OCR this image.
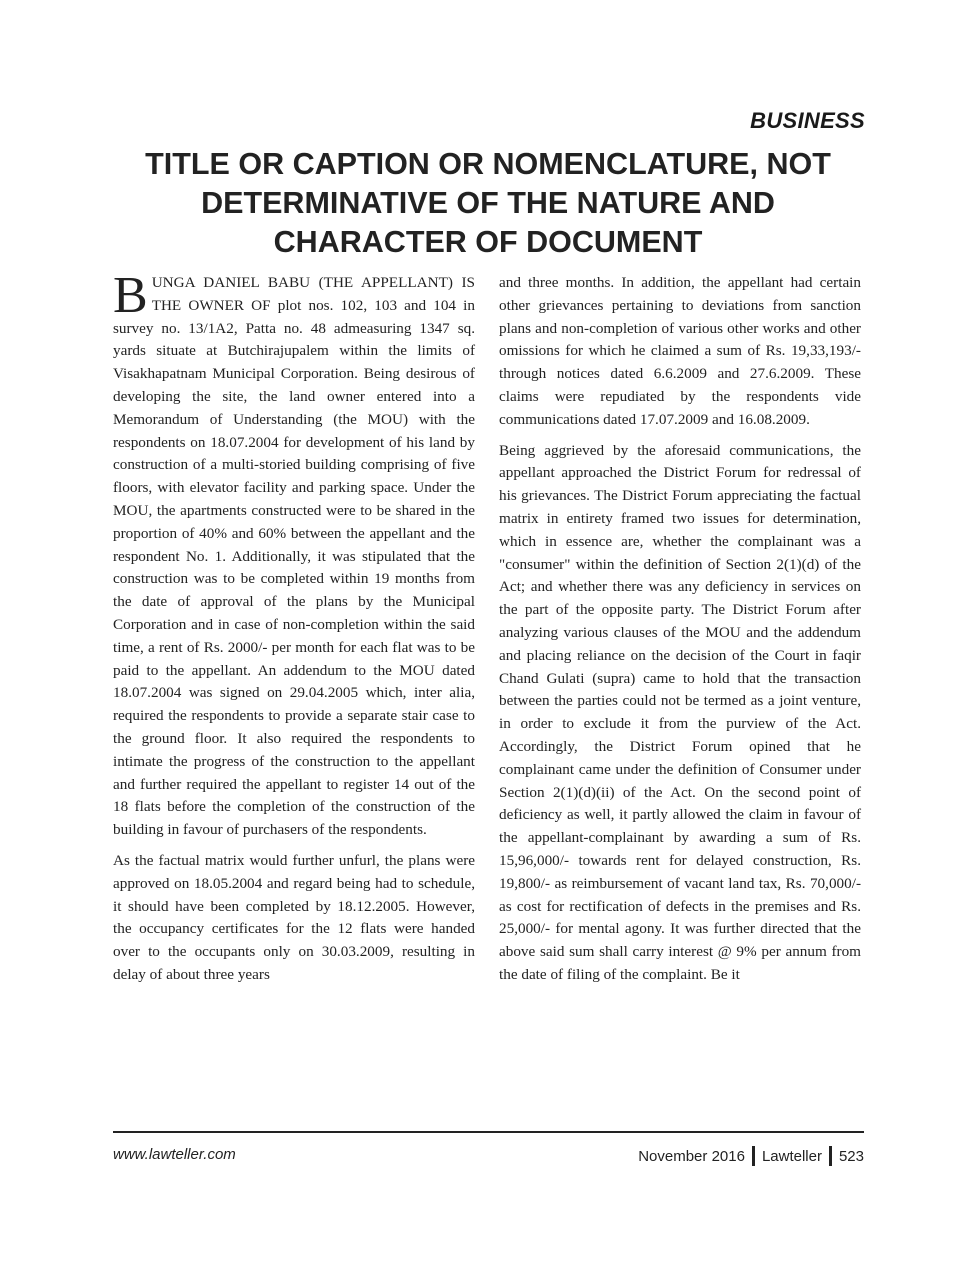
BUSINESS
TITLE OR CAPTION OR NOMENCLATURE, NOT
DETERMINATIVE OF THE NATURE AND
CHARACTER OF DOCUMENT

BUNGA DANIEL BABU (THE APPELLANT) IS THE OWNER OF plot nos. 102, 103 and 104 in survey no. 13/1A2, Patta no. 48 admeasuring 1347 sq. yards situate at Butchirajupalem within the limits of Visakhapatnam Municipal Corporation. Being desirous of developing the site, the land owner entered into a Memorandum of Understanding (the MOU) with the respondents on 18.07.2004 for development of his land by construction of a multi-storied building comprising of five floors, with elevator facility and parking space. Under the MOU, the apartments constructed were to be shared in the proportion of 40% and 60% between the appellant and the respondent No. 1. Additionally, it was stipulated that the construction was to be completed within 19 months from the date of approval of the plans by the Municipal Corporation and in case of non-completion within the said time, a rent of Rs. 2000/- per month for each flat was to be paid to the appellant. An addendum to the MOU dated 18.07.2004 was signed on 29.04.2005 which, inter alia, required the respondents to provide a separate stair case to the ground floor. It also required the respondents to intimate the progress of the construction to the appellant and further required the appellant to register 14 out of the 18 flats before the completion of the construction of the building in favour of purchasers of the respondents.

As the factual matrix would further unfurl, the plans were approved on 18.05.2004 and regard being had to schedule, it should have been completed by 18.12.2005. However, the occupancy certificates for the 12 flats were handed over to the occupants only on 30.03.2009, resulting in delay of about three years

and three months. In addition, the appellant had certain other grievances pertaining to deviations from sanction plans and non-completion of various other works and other omissions for which he claimed a sum of Rs. 19,33,193/- through notices dated 6.6.2009 and 27.6.2009. These claims were repudiated by the respondents vide communications dated 17.07.2009 and 16.08.2009.

Being aggrieved by the aforesaid communications, the appellant approached the District Forum for redressal of his grievances. The District Forum appreciating the factual matrix in entirety framed two issues for determination, which in essence are, whether the complainant was a "consumer" within the definition of Section 2(1)(d) of the Act; and whether there was any deficiency in services on the part of the opposite party. The District Forum after analyzing various clauses of the MOU and the addendum and placing reliance on the decision of the Court in faqir Chand Gulati (supra) came to hold that the transaction between the parties could not be termed as a joint venture, in order to exclude it from the purview of the Act. Accordingly, the District Forum opined that he complainant came under the definition of Consumer under Section 2(1)(d)(ii) of the Act. On the second point of deficiency as well, it partly allowed the claim in favour of the appellant-complainant by awarding a sum of Rs. 15,96,000/- towards rent for delayed construction, Rs. 19,800/- as reimbursement of vacant land tax, Rs. 70,000/- as cost for rectification of defects in the premises and Rs. 25,000/- for mental agony. It was further directed that the above said sum shall carry interest @ 9% per annum from the date of filing of the complaint. Be it

www.lawteller.com	November 2016 Lawteller 523
